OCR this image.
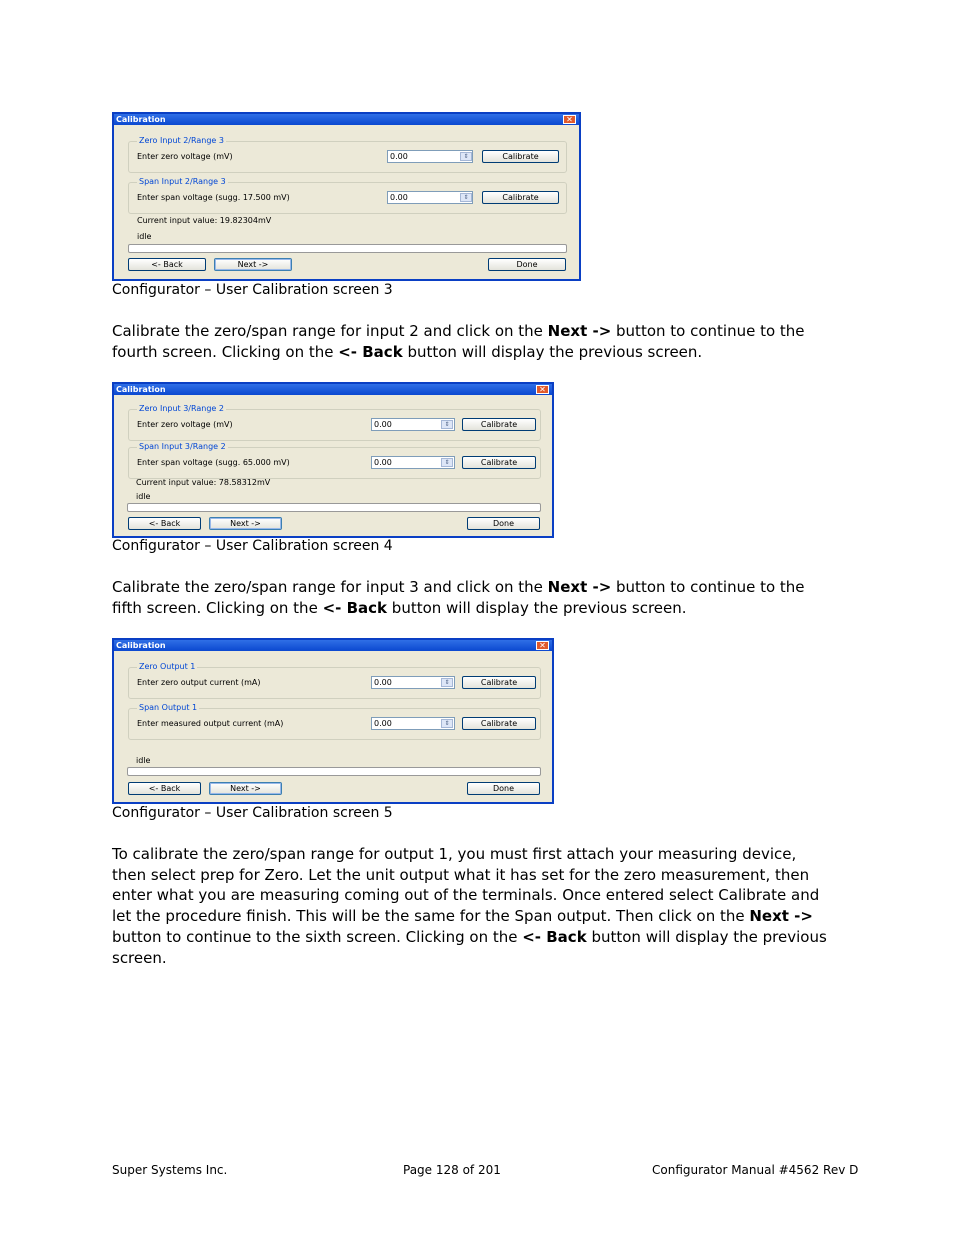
Calibration	✕
Zero Input 2/Range 3
Enter zero voltage (mV)	0.00	⇕	Calibrate
Span Input 2/Range 3
Enter span voltage (sugg. 17.500 mV)	0.00	⇕	Calibrate
Current input value: 19.82304mV
idle
<- Back	Next ->	Done
Configurator – User Calibration screen 3
Calibrate the zero/span range for input 2 and click on the Next -> button to continue to the
fourth screen. Clicking on the <- Back button will display the previous screen.
Calibration	✕
Zero Input 3/Range 2
Enter zero voltage (mV)	0.00	⇕	Calibrate
Span Input 3/Range 2
Enter span voltage (sugg. 65.000 mV)	0.00	⇕	Calibrate
Current input value: 78.58312mV
idle
<- Back	Next ->	Done
Configurator – User Calibration screen 4
Calibrate the zero/span range for input 3 and click on the Next -> button to continue to the
fifth screen. Clicking on the <- Back button will display the previous screen.
Calibration	✕
Zero Output 1
Enter zero output current (mA)	0.00	⇕	Calibrate
Span Output 1
Enter measured output current (mA)	0.00	⇕	Calibrate
idle
<- Back	Next ->	Done
Configurator – User Calibration screen 5
To calibrate the zero/span range for output 1, you must first attach your measuring device,
then select prep for Zero. Let the unit output what it has set for the zero measurement, then
enter what you are measuring coming out of the terminals. Once entered select Calibrate and
let the procedure finish. This will be the same for the Span output. Then click on the Next ->
button to continue to the sixth screen. Clicking on the <- Back button will display the previous
screen.
Super Systems Inc.	Page 128 of 201	Configurator Manual #4562 Rev D
